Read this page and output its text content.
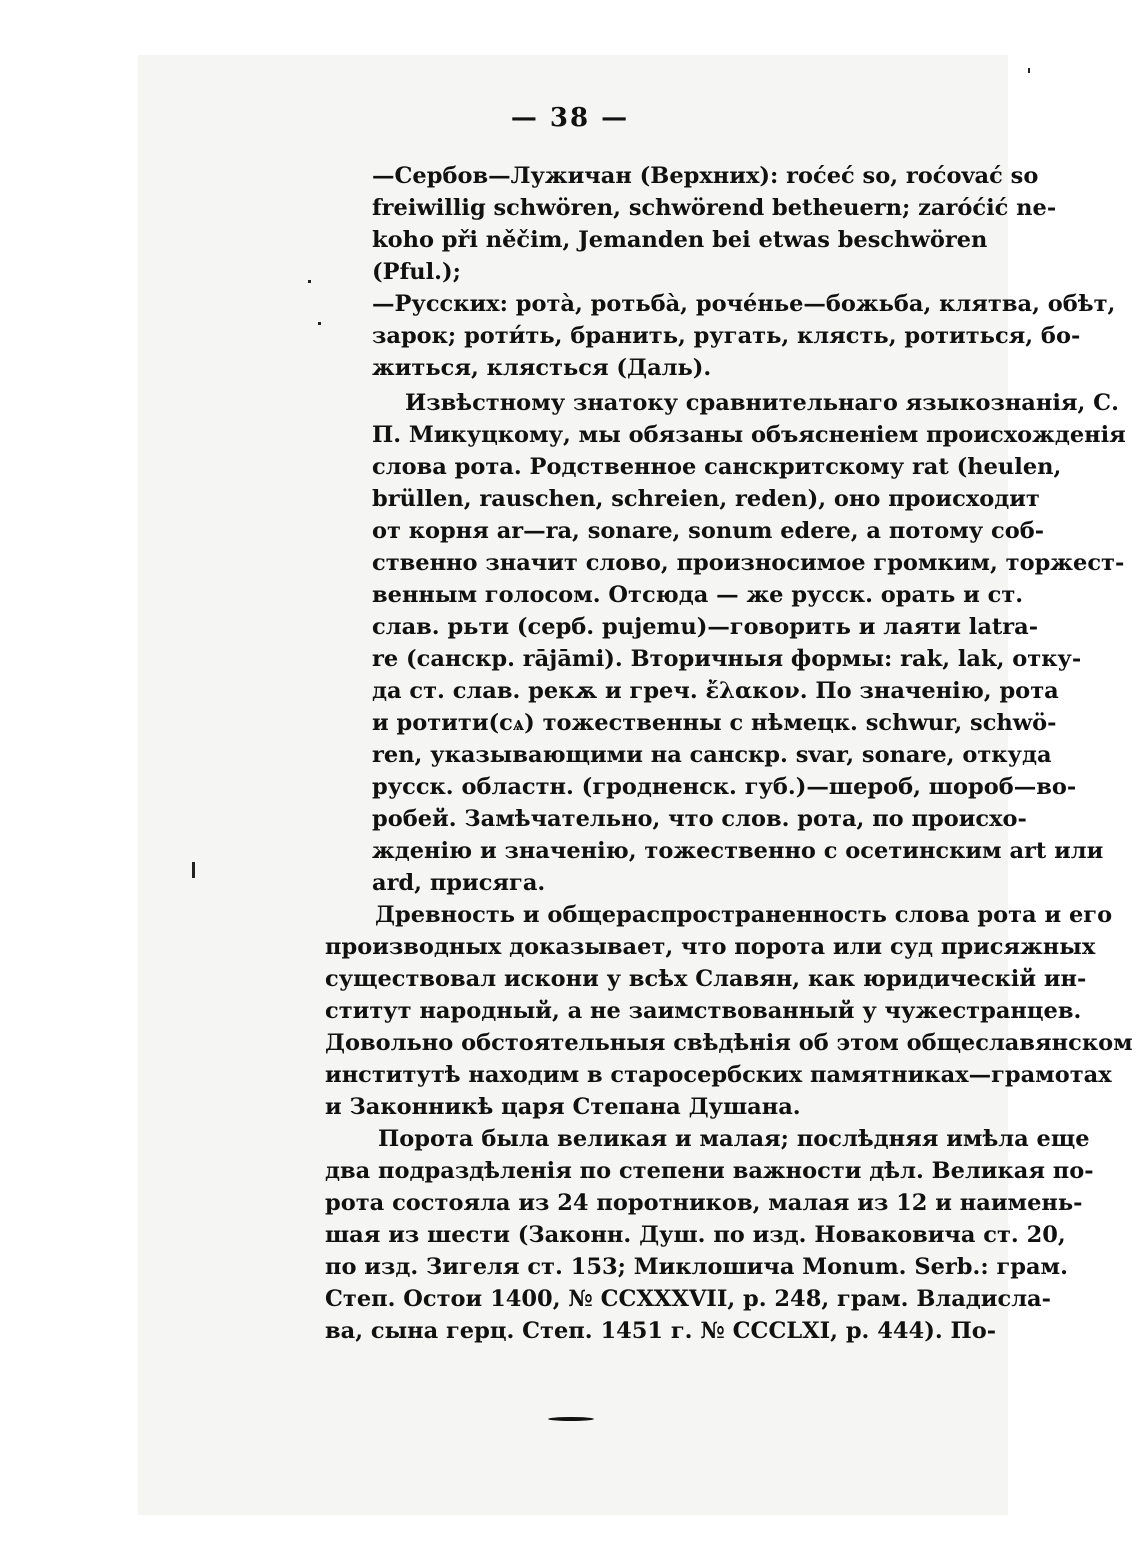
— 38 —
—Сербов—Лужичан (Верхних): roćeć so, roćovać so
freiwillig schwören, schwörend betheuern; zaróćić ne-
koho při něčim, Jemanden bei etwas beschwören
(Pful.);
—Русских: ротà, ротьбà, роче́нье—божьба, клятва, обѣт,
зарок; роти́ть, бранить, ругать, клясть, ротиться, бо-
житься, клясться (Даль).
Извѣстному знатоку сравнительнаго языкознанія, С.
П. Микуцкому, мы обязаны объясненіем происхожденія
слова рота. Родственное санскритскому rat (heulen,
brüllen, rauschen, schreien, reden), оно происходит
от корня ar—ra, sonare, sonum edere, а потому соб-
ственно значит слово, произносимое громким, торжест-
венным голосом. Отсюда — же русск. орать и ст.
слав. рьти (серб. pujemu)—говорить и лаяти latra-
re (санскр. rājāmi). Вторичныя формы: rak, lak, отку-
да ст. слав. рекѫ и греч. ἔλακον. По значенію, рота
и ротити(сѧ) тожественны с нѣмецк. schwur, schwö-
ren, указывающими на санскр. svar, sonare, откуда
русск. областн. (гродненск. губ.)—шероб, шороб—во-
робей. Замѣчательно, что слов. рота, по происхо-
жденію и значенію, тожественно с осетинским art или
ard, присяга.
Древность и общераспространенность слова рота и его
производных доказывает, что порота или суд присяжных
существовал искони у всѣх Славян, как юридическій ин-
ститут народный, а не заимствованный у чужестранцев.
Довольно обстоятельныя свѣдѣнія об этом общеславянском
институтѣ находим в старосербских памятниках—грамотах
и Законникѣ царя Степана Душана.
Порота была великая и малая; послѣдняя имѣла еще
два подраздѣленія по степени важности дѣл. Великая по-
рота состояла из 24 поротников, малая из 12 и наимень-
шая из шести (Законн. Душ. по изд. Новаковича ст. 20,
по изд. Зигеля ст. 153; Миклошича Monum. Serb.: грам.
Степ. Остои 1400, № CCXXXVII, p. 248, грам. Владисла-
ва, сына герц. Степ. 1451 г. № CCCLXI, p. 444). По-
